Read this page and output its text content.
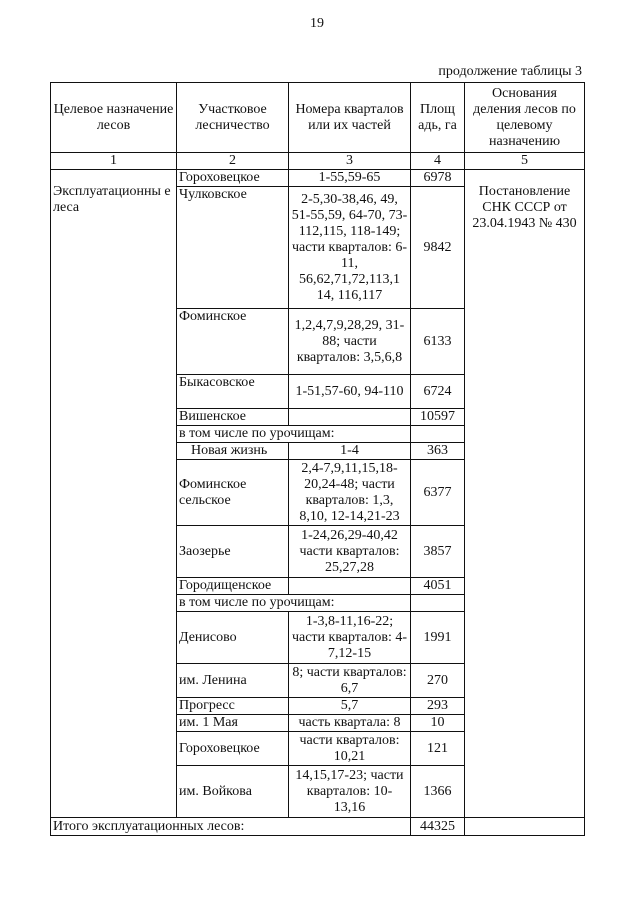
19
продолжение таблицы 3
Целевое назначение лесов	Участковое лесничество	Номера кварталов или их частей	Площ адь, га	Основания деления лесов по целевому назначению
1	2	3	4	5
Эксплуатационны е леса	Гороховецкое	1-55,59-65	6978	Постановление СНК СССР от 23.04.1943 № 430
	Чулковское	2-5,30-38,46, 49, 51-55,59, 64-70, 73-112,115, 118-149; части кварталов: 6-11, 56,62,71,72,113,1 14, 116,117	9842	
	Фоминское	1,2,4,7,9,28,29, 31-88; части кварталов: 3,5,6,8	6133	
	Быкасовское	1-51,57-60, 94-110	6724	
	Вишенское		10597	
	в том числе по урочищам:			
	Новая жизнь	1-4	363	
	Фоминское сельское	2,4-7,9,11,15,18-20,24-48; части кварталов: 1,3, 8,10, 12-14,21-23	6377	
	Заозерье	1-24,26,29-40,42 части кварталов: 25,27,28	3857	
	Городищенское		4051	
	в том числе по урочищам:			
	Денисово	1-3,8-11,16-22; части кварталов: 4-7,12-15	1991	
	им. Ленина	8; части кварталов: 6,7	270	
	Прогресс	5,7	293	
	им. 1 Мая	часть квартала: 8	10	
	Гороховецкое	части кварталов: 10,21	121	
	им. Войкова	14,15,17-23; части кварталов: 10-13,16	1366	
Итого эксплуатационных лесов:			44325	
